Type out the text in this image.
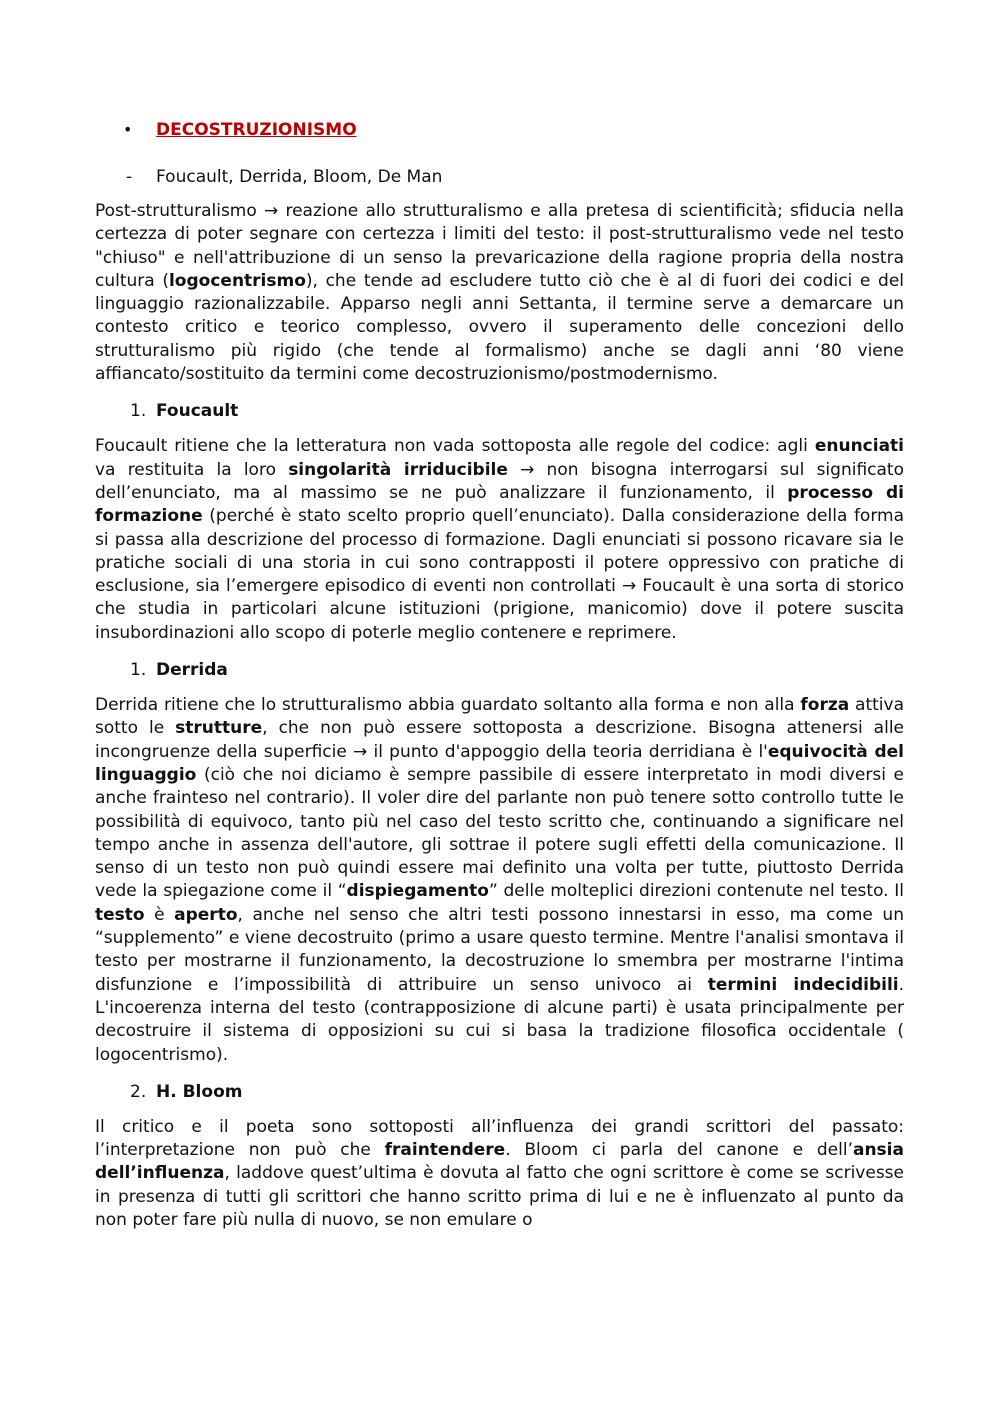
• DECOSTRUZIONISMO
- Foucault, Derrida, Bloom, De Man

Post-strutturalismo → reazione allo strutturalismo e alla pretesa di scientificità; sfiducia nella certezza di poter segnare con certezza i limiti del testo: il post-strutturalismo vede nel testo "chiuso" e nell'attribuzione di un senso la prevaricazione della ragione propria della nostra cultura (logocentrismo), che tende ad escludere tutto ciò che è al di fuori dei codici e del linguaggio razionalizzabile. Apparso negli anni Settanta, il termine serve a demarcare un contesto critico e teorico complesso, ovvero il superamento delle concezioni dello strutturalismo più rigido (che tende al formalismo) anche se dagli anni ‘80 viene affiancato/sostituito da termini come decostruzionismo/postmodernismo.

1. Foucault

Foucault ritiene che la letteratura non vada sottoposta alle regole del codice: agli enunciati va restituita la loro singolarità irriducibile → non bisogna interrogarsi sul significato dell’enunciato, ma al massimo se ne può analizzare il funzionamento, il processo di formazione (perché è stato scelto proprio quell’enunciato). Dalla considerazione della forma si passa alla descrizione del processo di formazione. Dagli enunciati si possono ricavare sia le pratiche sociali di una storia in cui sono contrapposti il potere oppressivo con pratiche di esclusione, sia l’emergere episodico di eventi non controllati → Foucault è una sorta di storico che studia in particolari alcune istituzioni (prigione, manicomio) dove il potere suscita insubordinazioni allo scopo di poterle meglio contenere e reprimere.

1. Derrida

Derrida ritiene che lo strutturalismo abbia guardato soltanto alla forma e non alla forza attiva sotto le strutture, che non può essere sottoposta a descrizione. Bisogna attenersi alle incongruenze della superficie → il punto d'appoggio della teoria derridiana è l'equivocità del linguaggio (ciò che noi diciamo è sempre passibile di essere interpretato in modi diversi e anche frainteso nel contrario). Il voler dire del parlante non può tenere sotto controllo tutte le possibilità di equivoco, tanto più nel caso del testo scritto che, continuando a significare nel tempo anche in assenza dell'autore, gli sottrae il potere sugli effetti della comunicazione. Il senso di un testo non può quindi essere mai definito una volta per tutte, piuttosto Derrida vede la spiegazione come il “dispiegamento” delle molteplici direzioni contenute nel testo. Il testo è aperto, anche nel senso che altri testi possono innestarsi in esso, ma come un “supplemento” e viene decostruito (primo a usare questo termine. Mentre l'analisi smontava il testo per mostrarne il funzionamento, la decostruzione lo smembra per mostrarne l'intima disfunzione e l’impossibilità di attribuire un senso univoco ai termini indecidibili. L'incoerenza interna del testo (contrapposizione di alcune parti) è usata principalmente per decostruire il sistema di opposizioni su cui si basa la tradizione filosofica occidentale ( logocentrismo).

2. H. Bloom

Il critico e il poeta sono sottoposti all’influenza dei grandi scrittori del passato: l’interpretazione non può che fraintendere. Bloom ci parla del canone e dell’ansia dell’influenza, laddove quest’ultima è dovuta al fatto che ogni scrittore è come se scrivesse in presenza di tutti gli scrittori che hanno scritto prima di lui e ne è influenzato al punto da non poter fare più nulla di nuovo, se non emulare o
